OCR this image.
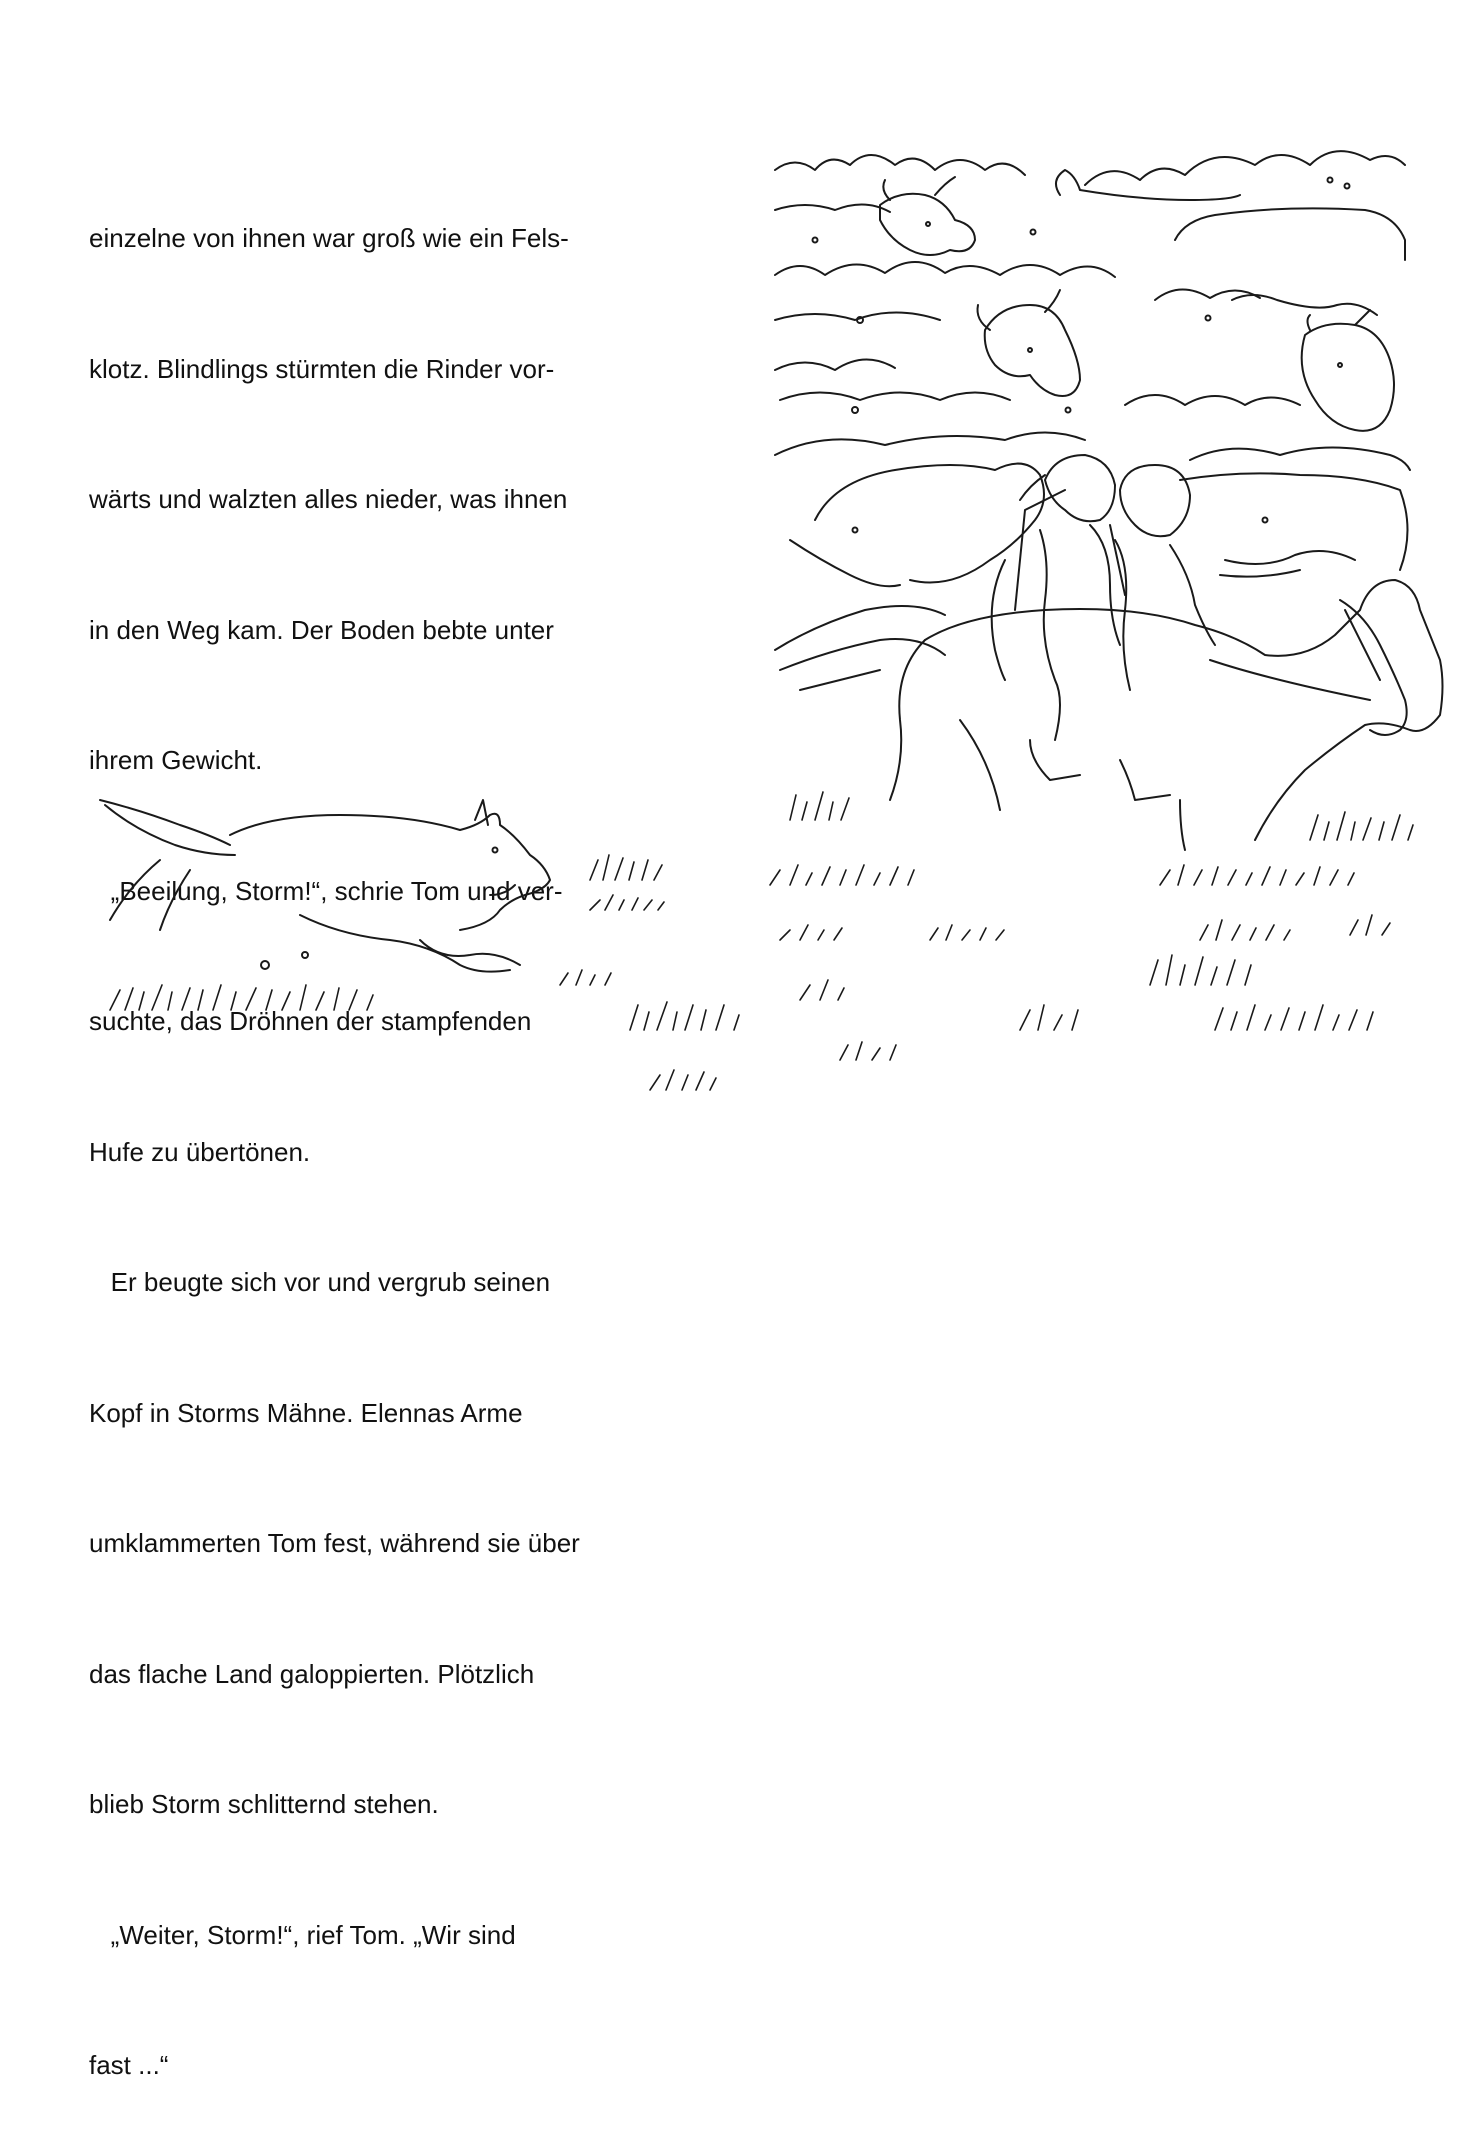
einzelne von ihnen war groß wie ein Fels-

klotz. Blindlings stürmten die Rinder vor-

wärts und walzten alles nieder, was ihnen

in den Weg kam. Der Boden bebte unter

ihrem Gewicht.

„Beeilung, Storm!“, schrie Tom und ver-

suchte, das Dröhnen der stampfenden

Hufe zu übertönen.

Er beugte sich vor und vergrub seinen

Kopf in Storms Mähne. Elennas Arme

umklammerten Tom fest, während sie über

das flache Land galoppierten. Plötzlich

blieb Storm schlitternd stehen.

„Weiter, Storm!“, rief Tom. „Wir sind

fast ...“
